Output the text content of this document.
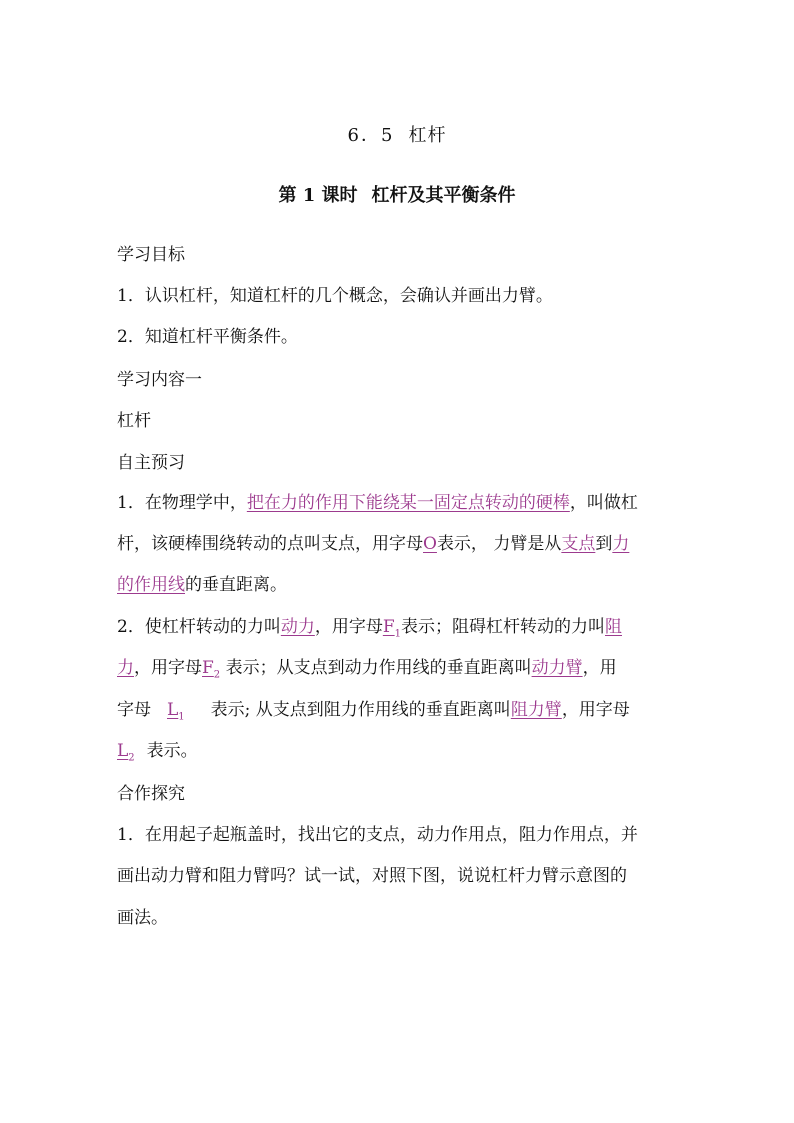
6．5 杠杆
第 1 课时 杠杆及其平衡条件
学习目标
1．认识杠杆，知道杠杆的几个概念，会确认并画出力臂。
2．知道杠杆平衡条件。
学习内容一
杠杆
自主预习
1．在物理学中，把在力的作用下能绕某一固定点转动的硬棒，叫做杠
杆，该硬棒围绕转动的点叫支点，用字母O表示， 力臂是从支点到力
的作用线的垂直距离。
2．使杠杆转动的力叫动力，用字母$F_1$表示；阻碍杠杆转动的力叫阻
力，用字母$F_2$ 表示；从支点到动力作用线的垂直距离叫动力臂，用
字母 $L_1$ 表示; 从支点到阻力作用线的垂直距离叫阻力臂，用字母
$L_2$ 表示。
合作探究
1．在用起子起瓶盖时，找出它的支点，动力作用点，阻力作用点，并
画出动力臂和阻力臂吗？试一试，对照下图，说说杠杆力臂示意图的
画法。
